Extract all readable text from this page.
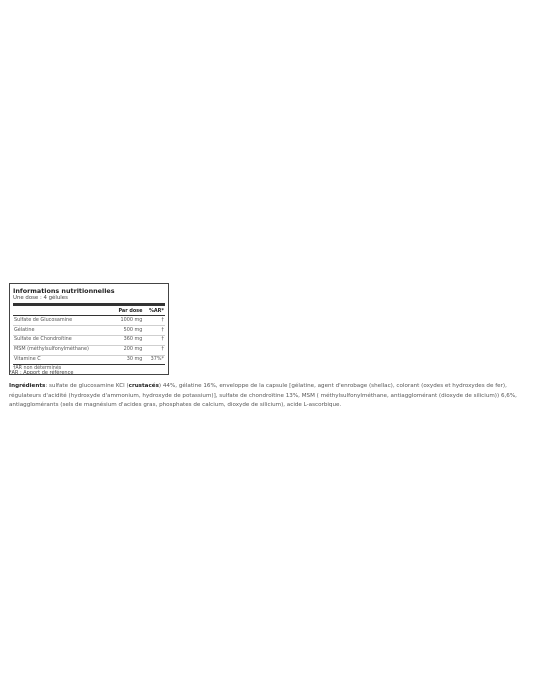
Informations nutritionnelles
Une dose : 4 gélules
	Par dose	%AR*
Sulfate de Glucosamine	1000 mg	†
Gélatine	500 mg	†
Sulfate de Chondroïtine	360 mg	†
MSM (méthylsulfonylméthane)	200 mg	†
Vitamine C	30 mg	37%*
†AR non déterminés
*AR : Apport de référence

Ingrédients: sulfate de glucosamine KCl (crustacés) 44%, gélatine 16%, enveloppe de la capsule [gélatine, agent d'enrobage (shellac), colorant (oxydes et hydroxydes de fer), régulateurs d'acidité (hydroxyde d'ammonium, hydroxyde de potassium)], sulfate de chondroïtine 13%, MSM ( méthylsulfonylméthane, antiagglomérant (dioxyde de silicium)) 6,6%, antiagglomérants (sels de magnésium d'acides gras, phosphates de calcium, dioxyde de silicium), acide L-ascorbique.
